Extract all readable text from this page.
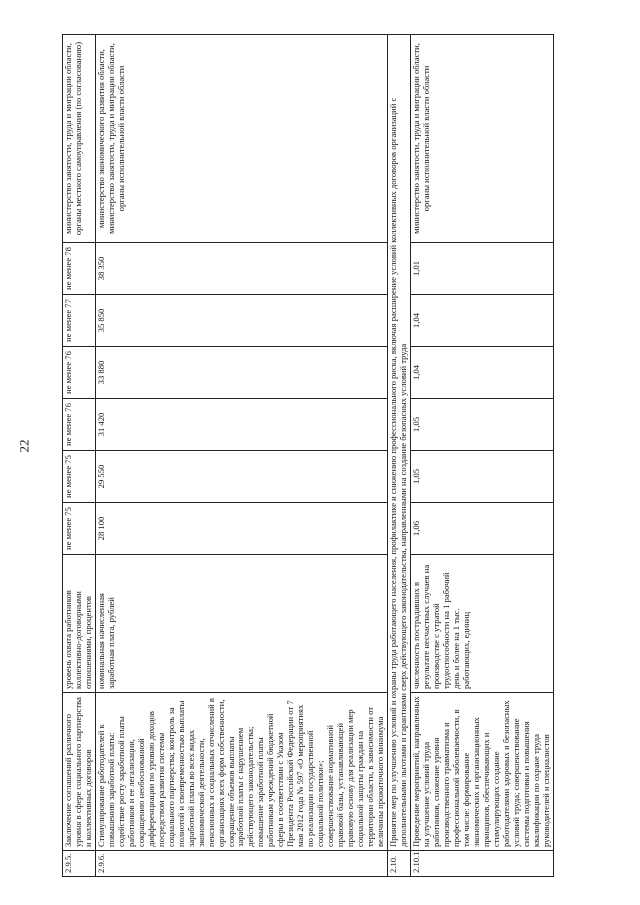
22
2.9.5.	Заключение соглашений различного уровня в сфере социального партнерства и коллективных договоров	уровень охвата работников коллективно-договорными отношениями, процентов	не менее 75	не менее 75	не менее 76	не менее 76	не менее 77	не менее 78	министерство занятости, труда и миграции области, органы местного самоуправления (по согласованию)
2.9.6.	Стимулирование работодателей к повышению заработной платы: содействие росту заработной платы работников и ее легализации, сокращению необоснованной дифференциации по уровню доходов посредством развития системы социального партнерства; контроль за полнотой и своевременностью выплаты заработной платы во всех видах экономической деятельности, пенсионных и социальных отчислений в организациях всех форм собственности, сокращение объемов выплаты заработной платы с нарушением действующего законодательства; повышение заработной платы работникам учреждений бюджетной сферы в соответствии с Указом Президента Российской Федерации от 7 мая 2012 года № 597 «О мероприятиях по реализации государственной социальной политики»; совершенствование нормативной правовой базы, устанавливающей правовую основу для реализации мер социальной защиты граждан на территории области, в зависимости от величины прожиточного минимума	номинальная начисленная заработная плата, рублей	28 100	29 550	31 420	33 880	35 850	38 350	министерство экономического развития области, министерство занятости, труда и миграции области, органы исполнительной власти области
2.10.	Принятие мер по улучшению условий и охраны труда работающего населения, профилактике и снижению профессионального риска, включая расширение условий коллективных договоров организаций с дополнительными льготами и гарантиями сверх действующего законодательства, направленными на создание безопасных условий труда								
2.10.1.	Проведение мероприятий, направленных на улучшение условий труда работников, снижение уровня производственного травматизма и профессиональной заболеваемости, в том числе: формирование экономических и организационных принципов, обеспечивающих и стимулирующих создание работодателями здоровых и безопасных условий труда; совершенствование системы подготовки и повышения квалификации по охране труда руководителей и специалистов	численность пострадавших в результате несчастных случаев на производстве с утратой трудоспособности на 1 рабочий день и более на 1 тыс. работающих, единиц	1,06	1,05	1,05	1,04	1,04	1,01	министерство занятости, труда и миграции области, органы исполнительной власти области
